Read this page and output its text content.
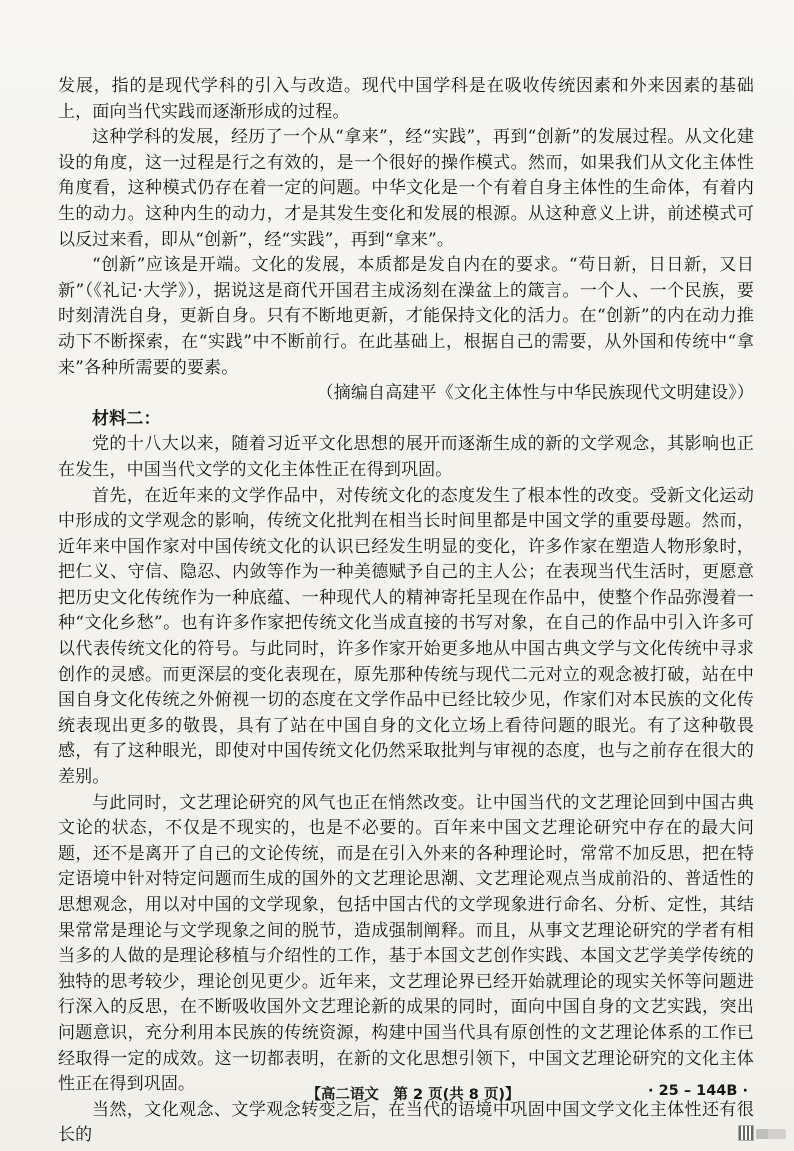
发展，指的是现代学科的引入与改造。现代中国学科是在吸收传统因素和外来因素的基础上，面向当代实践而逐渐形成的过程。

这种学科的发展，经历了一个从“拿来”，经“实践”，再到“创新”的发展过程。从文化建设的角度，这一过程是行之有效的，是一个很好的操作模式。然而，如果我们从文化主体性角度看，这种模式仍存在着一定的问题。中华文化是一个有着自身主体性的生命体，有着内生的动力。这种内生的动力，才是其发生变化和发展的根源。从这种意义上讲，前述模式可以反过来看，即从“创新”，经“实践”，再到“拿来”。

“创新”应该是开端。文化的发展，本质都是发自内在的要求。“苟日新，日日新，又日新”（《礼记·大学》），据说这是商代开国君主成汤刻在澡盆上的箴言。一个人、一个民族，要时刻清洗自身，更新自身。只有不断地更新，才能保持文化的活力。在“创新”的内在动力推动下不断探索，在“实践”中不断前行。在此基础上，根据自己的需要，从外国和传统中“拿来”各种所需要的要素。

（摘编自高建平《文化主体性与中华民族现代文明建设》）

材料二：

党的十八大以来，随着习近平文化思想的展开而逐渐生成的新的文学观念，其影响也正在发生，中国当代文学的文化主体性正在得到巩固。

首先，在近年来的文学作品中，对传统文化的态度发生了根本性的改变。受新文化运动中形成的文学观念的影响，传统文化批判在相当长时间里都是中国文学的重要母题。然而，近年来中国作家对中国传统文化的认识已经发生明显的变化，许多作家在塑造人物形象时，把仁义、守信、隐忍、内敛等作为一种美德赋予自己的主人公；在表现当代生活时，更愿意把历史文化传统作为一种底蕴、一种现代人的精神寄托呈现在作品中，使整个作品弥漫着一种“文化乡愁”。也有许多作家把传统文化当成直接的书写对象，在自己的作品中引入许多可以代表传统文化的符号。与此同时，许多作家开始更多地从中国古典文学与文化传统中寻求创作的灵感。而更深层的变化表现在，原先那种传统与现代二元对立的观念被打破，站在中国自身文化传统之外俯视一切的态度在文学作品中已经比较少见，作家们对本民族的文化传统表现出更多的敬畏，具有了站在中国自身的文化立场上看待问题的眼光。有了这种敬畏感，有了这种眼光，即使对中国传统文化仍然采取批判与审视的态度，也与之前存在很大的差别。

与此同时，文艺理论研究的风气也正在悄然改变。让中国当代的文艺理论回到中国古典文论的状态，不仅是不现实的，也是不必要的。百年来中国文艺理论研究中存在的最大问题，还不是离开了自己的文论传统，而是在引入外来的各种理论时，常常不加反思，把在特定语境中针对特定问题而生成的国外的文艺理论思潮、文艺理论观点当成前沿的、普适性的思想观念，用以对中国的文学现象，包括中国古代的文学现象进行命名、分析、定性，其结果常常是理论与文学现象之间的脱节，造成强制阐释。而且，从事文艺理论研究的学者有相当多的人做的是理论移植与介绍性的工作，基于本国文艺创作实践、本国文艺学美学传统的独特的思考较少，理论创见更少。近年来，文艺理论界已经开始就理论的现实关怀等问题进行深入的反思，在不断吸收国外文艺理论新的成果的同时，面向中国自身的文艺实践，突出问题意识，充分利用本民族的传统资源，构建中国当代具有原创性的文艺理论体系的工作已经取得一定的成效。这一切都表明，在新的文化思想引领下，中国文艺理论研究的文化主体性正在得到巩固。

当然，文化观念、文学观念转变之后，在当代的语境中巩固中国文学文化主体性还有很长的

【高二语文　第 2 页(共 8 页)】	· 25 – 144B ·
